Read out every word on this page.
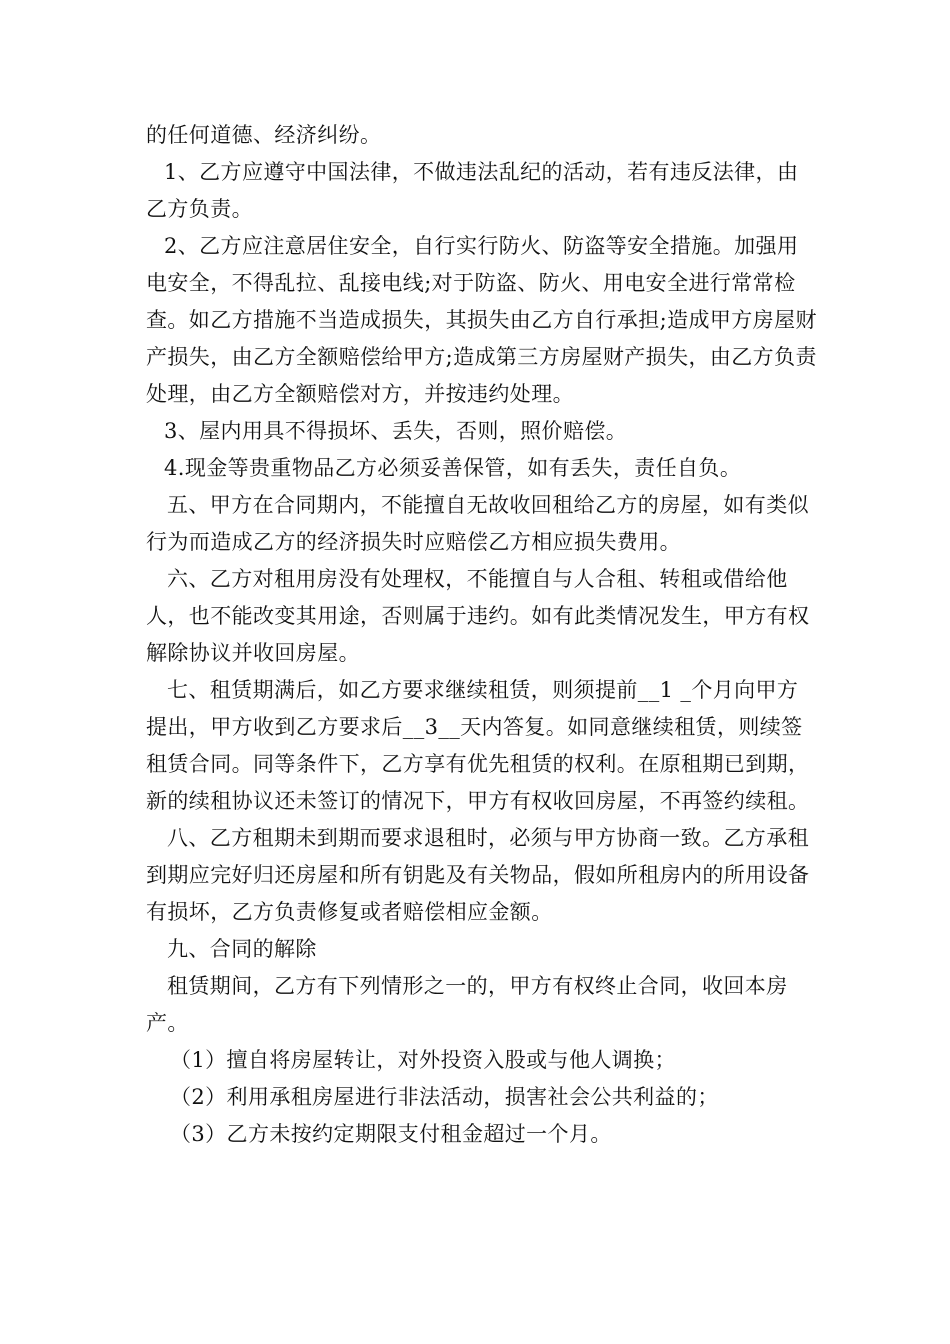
的任何道德、经济纠纷。

1、乙方应遵守中国法律，不做违法乱纪的活动，若有违反法律，由乙方负责。

2、乙方应注意居住安全，自行实行防火、防盗等安全措施。加强用电安全，不得乱拉、乱接电线;对于防盗、防火、用电安全进行常常检查。如乙方措施不当造成损失，其损失由乙方自行承担;造成甲方房屋财产损失，由乙方全额赔偿给甲方;造成第三方房屋财产损失，由乙方负责处理，由乙方全额赔偿对方，并按违约处理。

3、屋内用具不得损坏、丢失，否则，照价赔偿。

4.现金等贵重物品乙方必须妥善保管，如有丢失，责任自负。

五、甲方在合同期内，不能擅自无故收回租给乙方的房屋，如有类似行为而造成乙方的经济损失时应赔偿乙方相应损失费用。

六、乙方对租用房没有处理权，不能擅自与人合租、转租或借给他人，也不能改变其用途，否则属于违约。如有此类情况发生，甲方有权解除协议并收回房屋。

七、租赁期满后，如乙方要求继续租赁，则须提前__1 _个月向甲方提出，甲方收到乙方要求后__3__天内答复。如同意继续租赁，则续签租赁合同。同等条件下，乙方享有优先租赁的权利。在原租期已到期，新的续租协议还未签订的情况下，甲方有权收回房屋，不再签约续租。

八、乙方租期未到期而要求退租时，必须与甲方协商一致。乙方承租到期应完好归还房屋和所有钥匙及有关物品，假如所租房内的所用设备有损坏，乙方负责修复或者赔偿相应金额。

九、合同的解除

租赁期间，乙方有下列情形之一的，甲方有权终止合同，收回本房产。

（1）擅自将房屋转让，对外投资入股或与他人调换；

（2）利用承租房屋进行非法活动，损害社会公共利益的；

（3）乙方未按约定期限支付租金超过一个月。
